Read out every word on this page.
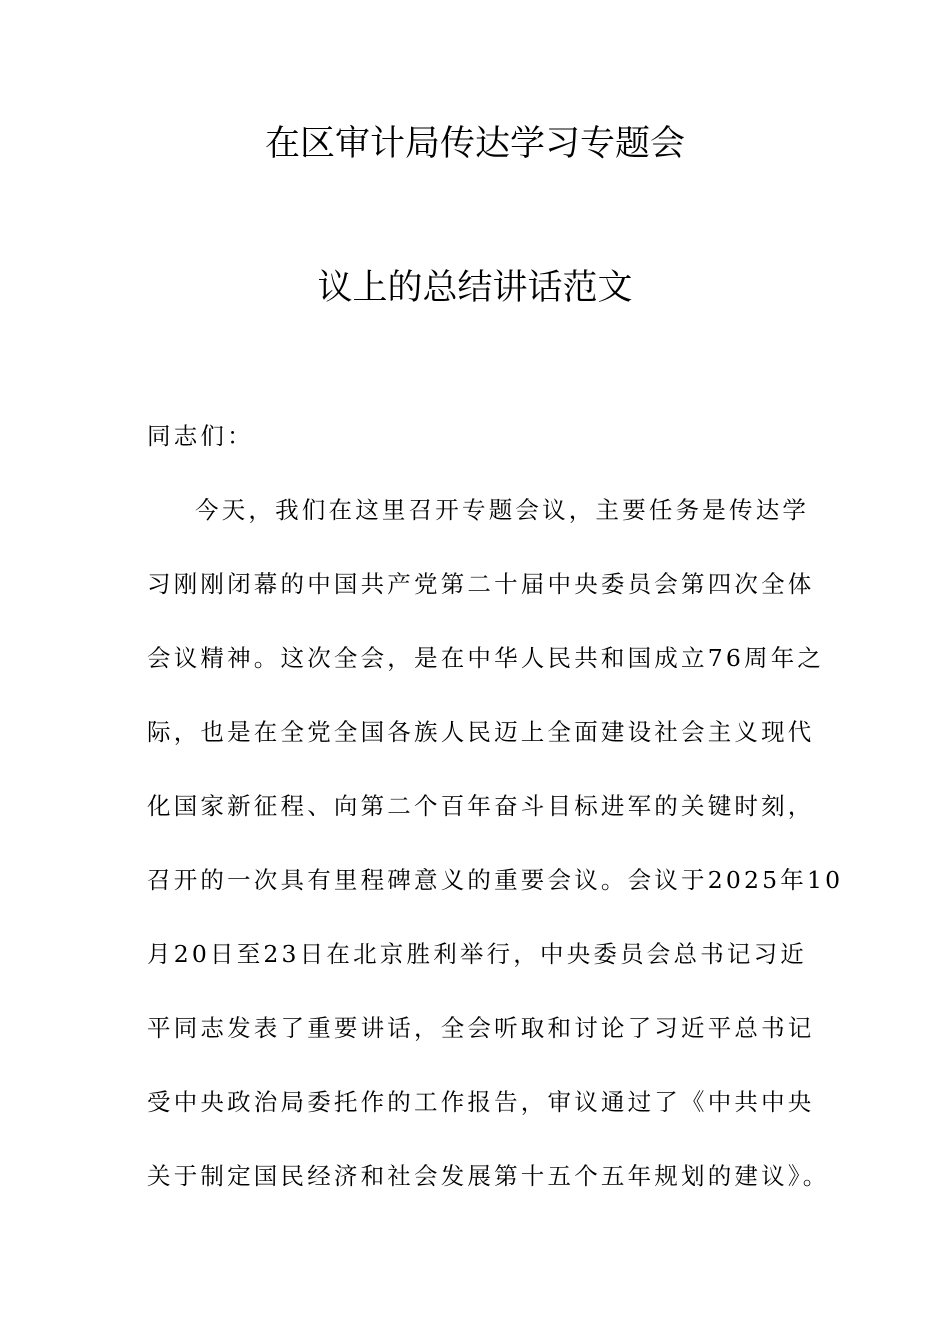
在区审计局传达学习专题会
议上的总结讲话范文
同志们：
今天，我们在这里召开专题会议，主要任务是传达学
习刚刚闭幕的中国共产党第二十届中央委员会第四次全体
会议精神。这次全会，是在中华人民共和国成立76周年之
际，也是在全党全国各族人民迈上全面建设社会主义现代
化国家新征程、向第二个百年奋斗目标进军的关键时刻，
召开的一次具有里程碑意义的重要会议。会议于2025年10
月20日至23日在北京胜利举行，中央委员会总书记习近
平同志发表了重要讲话，全会听取和讨论了习近平总书记
受中央政治局委托作的工作报告，审议通过了《中共中央
关于制定国民经济和社会发展第十五个五年规划的建议》。
